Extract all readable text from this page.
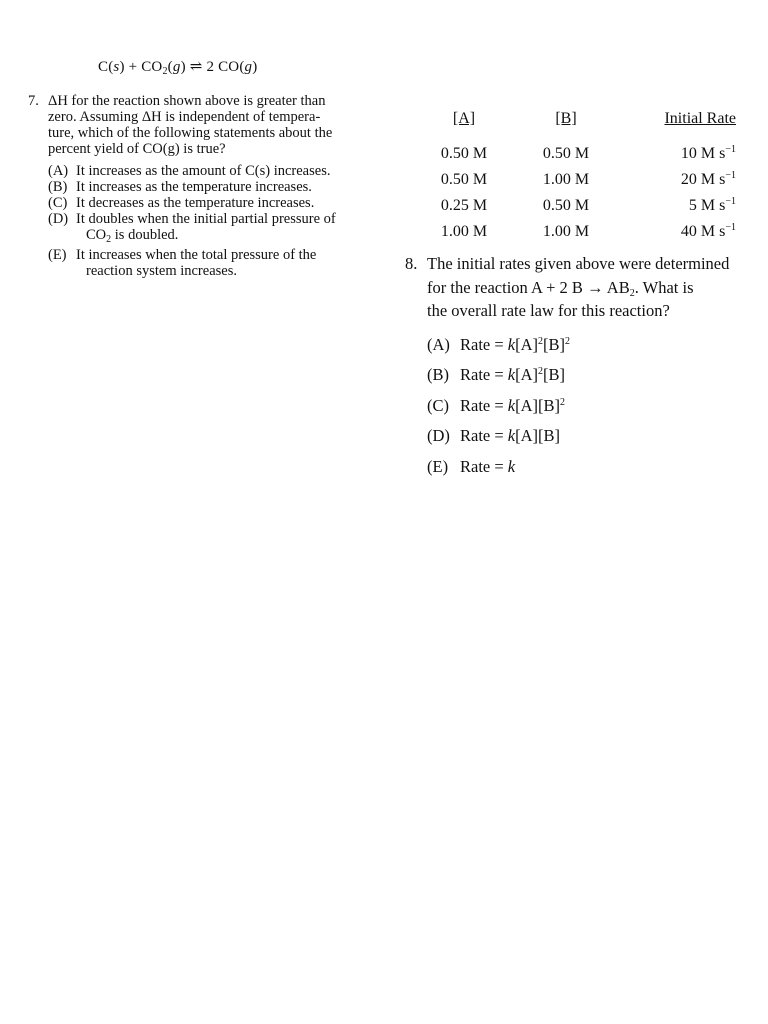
$C(s) + CO_2(g)$ ⇌ 2 CO(g)
7. ΔH for the reaction shown above is greater than
zero. Assuming ΔH is independent of tempera-
ture, which of the following statements about the
percent yield of CO(g) is true?
(A) It increases as the amount of C(s) increases.
(B) It increases as the temperature increases.
(C) It decreases as the temperature increases.
(D) It doubles when the initial partial pressure of
$CO_2$ is doubled.
(E) It increases when the total pressure of the
reaction system increases.
[A]	[B]	Initial Rate
0.50 M	0.50 M	10 M $s^{-1}$
0.50 M	1.00 M	20 M $s^{-1}$
0.25 M	0.50 M	5 M $s^{-1}$
1.00 M	1.00 M	40 M $s^{-1}$
8. The initial rates given above were determined
for the reaction A + 2 $B \to AB_2$. What is
the overall rate law for this reaction?
(A) Rate = $k[A]^2[B]^2$
(B) Rate = $k[A]^2[B]$
(C) Rate = $k[A][B]^2$
(D) Rate = k[A][B]
(E) Rate = k
